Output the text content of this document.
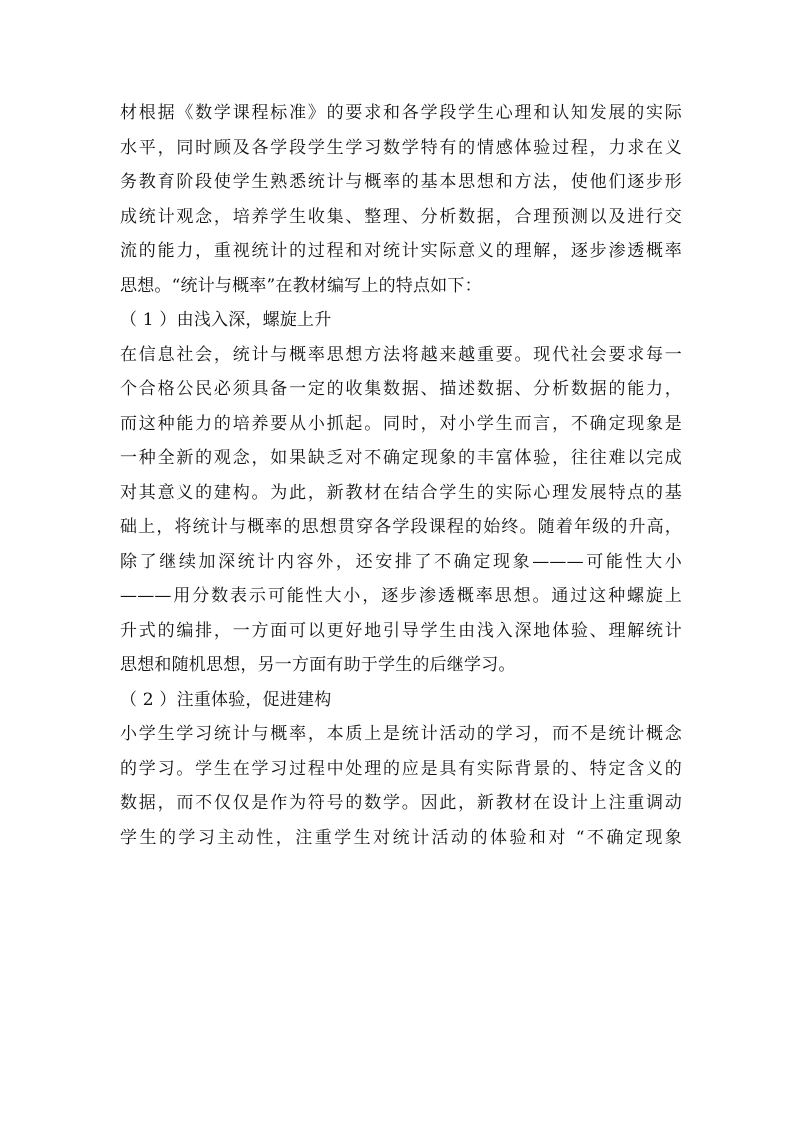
材根据《数学课程标准》的要求和各学段学生心理和认知发展的实际
水平，同时顾及各学段学生学习数学特有的情感体验过程，力求在义
务教育阶段使学生熟悉统计与概率的基本思想和方法，使他们逐步形
成统计观念，培养学生收集、整理、分析数据，合理预测以及进行交
流的能力，重视统计的过程和对统计实际意义的理解，逐步渗透概率
思想。“统计与概率”在教材编写上的特点如下：
（ 1 ）由浅入深，螺旋上升
在信息社会，统计与概率思想方法将越来越重要。现代社会要求每一
个合格公民必须具备一定的收集数据、描述数据、分析数据的能力，
而这种能力的培养要从小抓起。同时，对小学生而言，不确定现象是
一种全新的观念，如果缺乏对不确定现象的丰富体验，往往难以完成
对其意义的建构。为此，新教材在结合学生的实际心理发展特点的基
础上，将统计与概率的思想贯穿各学段课程的始终。随着年级的升高，
除了继续加深统计内容外，还安排了不确定现象———可能性大小
———用分数表示可能性大小，逐步渗透概率思想。通过这种螺旋上
升式的编排，一方面可以更好地引导学生由浅入深地体验、理解统计
思想和随机思想，另一方面有助于学生的后继学习。
（ 2 ）注重体验，促进建构
小学生学习统计与概率，本质上是统计活动的学习，而不是统计概念
的学习。学生在学习过程中处理的应是具有实际背景的、特定含义的
数据，而不仅仅是作为符号的数学。因此，新教材在设计上注重调动
学生的学习主动性，注重学生对统计活动的体验和对 “不确定现象
